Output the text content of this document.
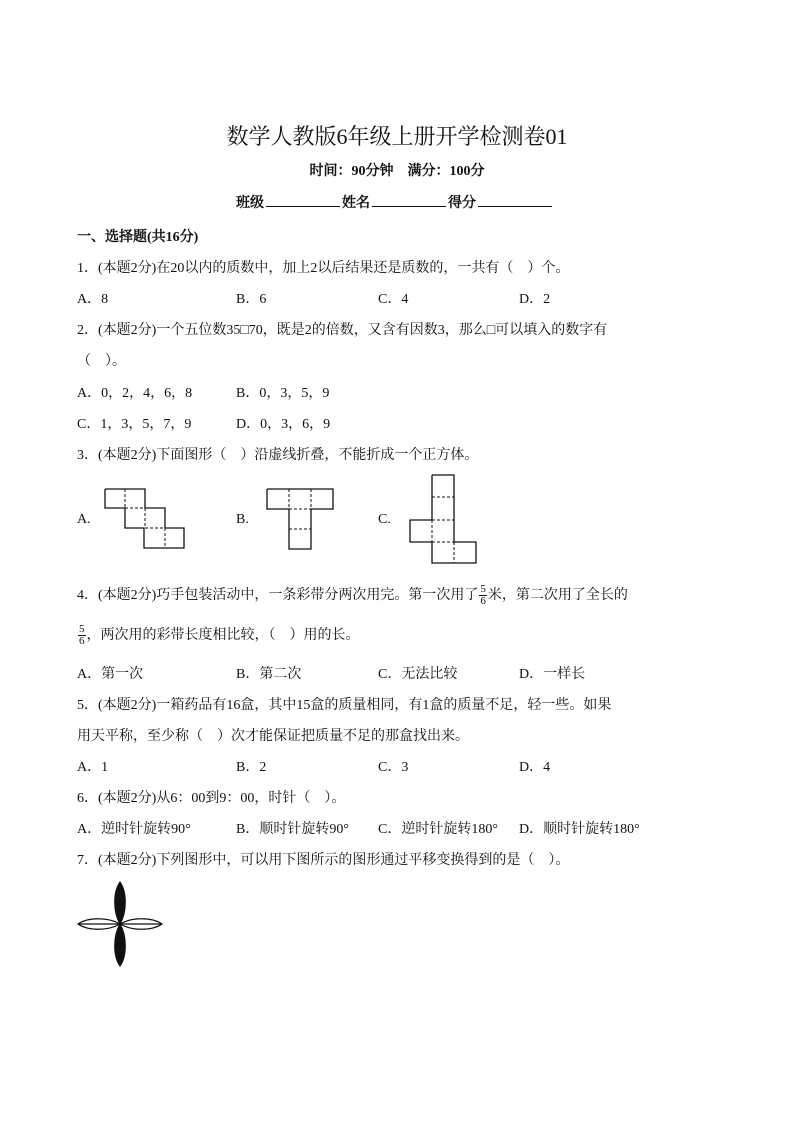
数学人教版6年级上册开学检测卷01
时间：90分钟　满分：100分
班级	姓名	得分
一、选择题(共16分)
1．(本题2分)在20以内的质数中，加上2以后结果还是质数的，一共有（　）个。
A．8	B．6	C．4	D．2
2．(本题2分)一个五位数35□70，既是2的倍数，又含有因数3，那么□可以填入的数字有
（　）。
A．0，2，4，6，8	B．0，3，5，9
C．1，3，5，7，9	D．0，3，6，9
3．(本题2分)下面图形（　）沿虚线折叠，不能折成一个正方体。
A.	B.	C.
4．(本题2分)巧手包装活动中，一条彩带分两次用完。第一次用了 $\frac{5}{6}$ 米，第二次用了全长的
$\frac{5}{6}$ ，两次用的彩带长度相比较，（　）用的长。
A．第一次	B．第二次	C．无法比较	D．一样长
5．(本题2分)一箱药品有16盒，其中15盒的质量相同，有1盒的质量不足，轻一些。如果
用天平称，至少称（　）次才能保证把质量不足的那盒找出来。
A．1	B．2	C．3	D．4
6．(本题2分)从6：00到9：00，时针（　）。
A．逆时针旋转90°	B．顺时针旋转90° C．逆时针旋转180° D．顺时针旋转180°
7．(本题2分)下列图形中，可以用下图所示的图形通过平移变换得到的是（　）。
